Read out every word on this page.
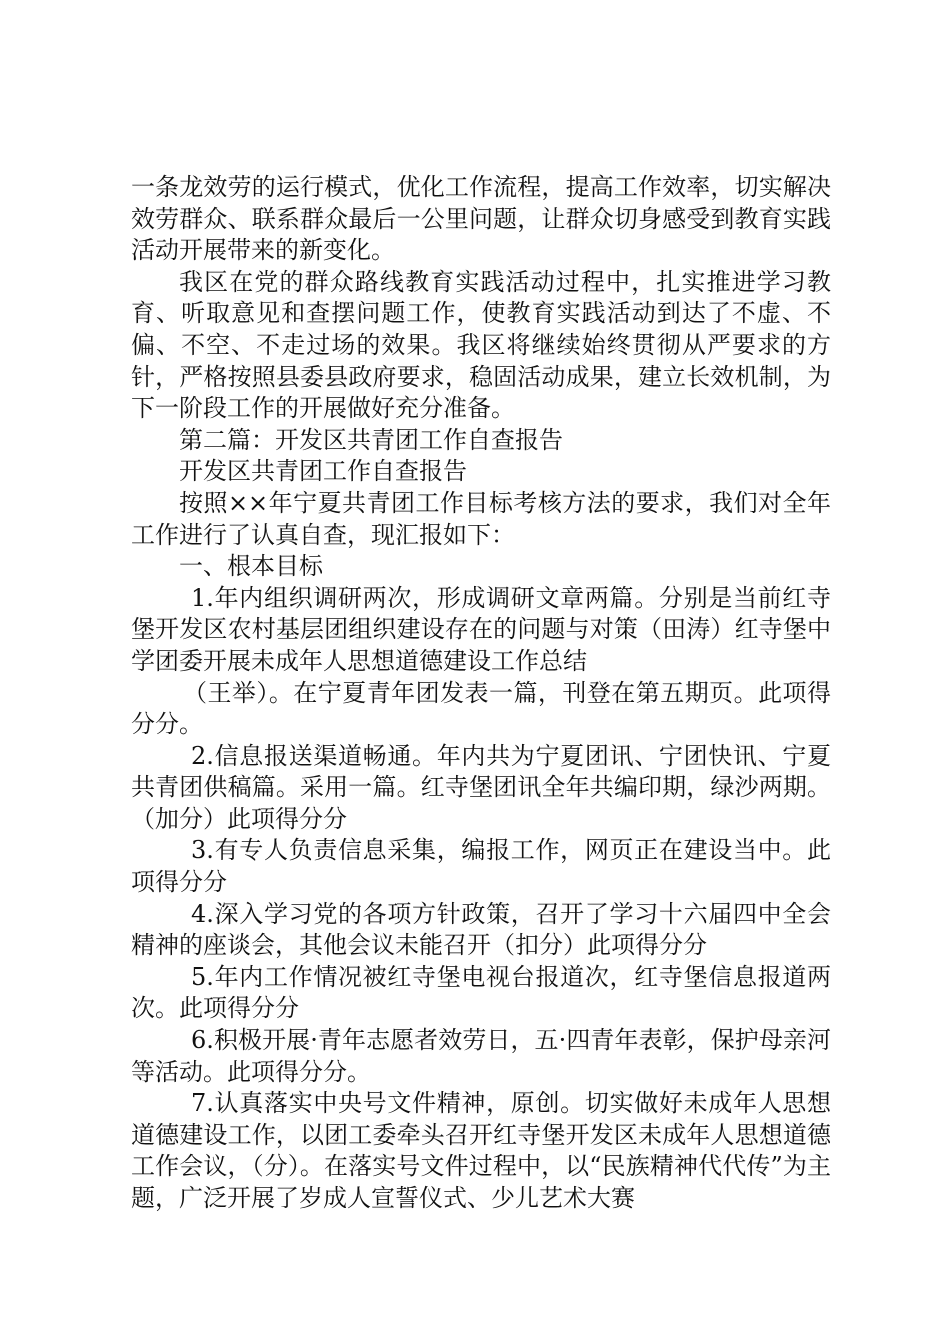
一条龙效劳的运行模式，优化工作流程，提高工作效率，切实解决效劳群众、联系群众最后一公里问题，让群众切身感受到教育实践活动开展带来的新变化。

我区在党的群众路线教育实践活动过程中，扎实推进学习教育、听取意见和查摆问题工作，使教育实践活动到达了不虚、不偏、不空、不走过场的效果。我区将继续始终贯彻从严要求的方针，严格按照县委县政府要求，稳固活动成果，建立长效机制，为下一阶段工作的开展做好充分准备。

第二篇：开发区共青团工作自查报告

开发区共青团工作自查报告

按照××年宁夏共青团工作目标考核方法的要求，我们对全年工作进行了认真自查，现汇报如下：

一、根本目标

1.年内组织调研两次，形成调研文章两篇。分别是当前红寺堡开发区农村基层团组织建设存在的问题与对策（田涛）红寺堡中学团委开展未成年人思想道德建设工作总结

（王举）。在宁夏青年团发表一篇，刊登在第五期页。此项得分分。

2.信息报送渠道畅通。年内共为宁夏团讯、宁团快讯、宁夏共青团供稿篇。采用一篇。红寺堡团讯全年共编印期，绿沙两期。（加分）此项得分分

3.有专人负责信息采集，编报工作，网页正在建设当中。此项得分分

4.深入学习党的各项方针政策，召开了学习十六届四中全会精神的座谈会，其他会议未能召开（扣分）此项得分分

5.年内工作情况被红寺堡电视台报道次，红寺堡信息报道两次。此项得分分

6.积极开展·青年志愿者效劳日，五·四青年表彰，保护母亲河等活动。此项得分分。

7.认真落实中央号文件精神，原创。切实做好未成年人思想道德建设工作，以团工委牵头召开红寺堡开发区未成年人思想道德工作会议，（分）。在落实号文件过程中，以“民族精神代代传”为主题，广泛开展了岁成人宣誓仪式、少儿艺术大赛
